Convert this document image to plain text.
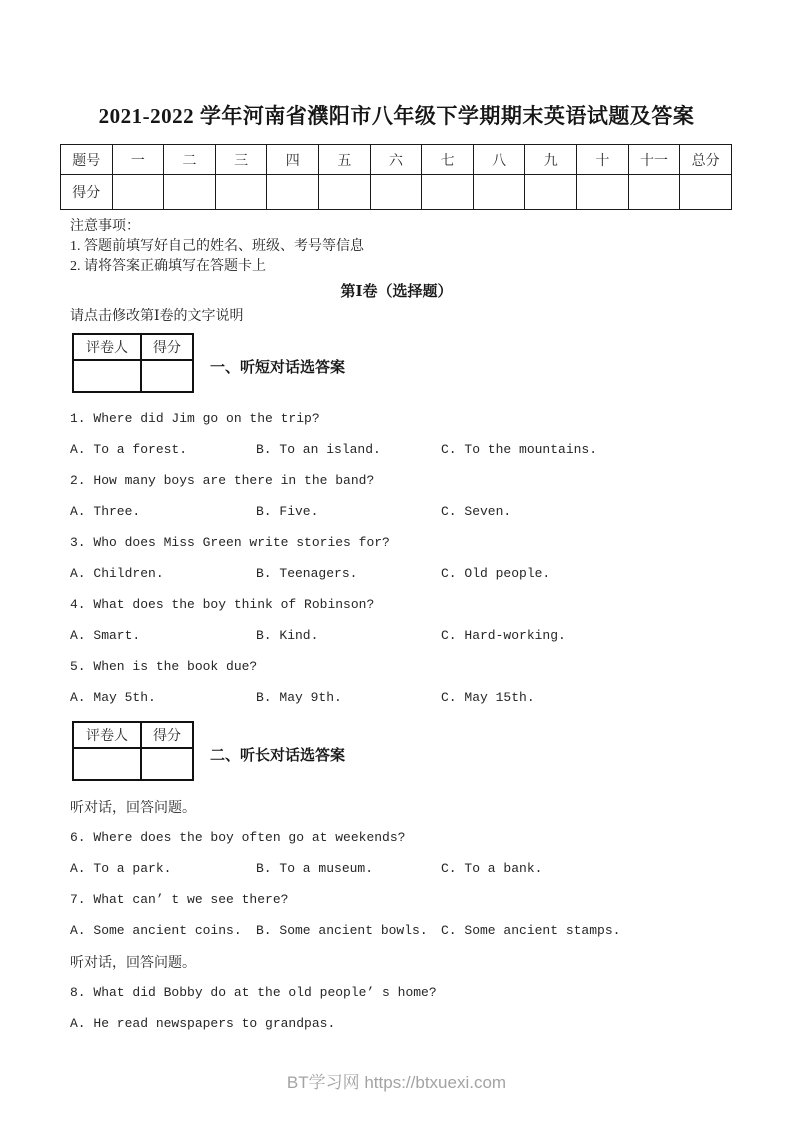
2021-2022 学年河南省濮阳市八年级下学期期末英语试题及答案
题号	一	二	三	四	五	六	七	八	九	十	十一	总分
得分												
注意事项：
1. 答题前填写好自己的姓名、班级、考号等信息
2. 请将答案正确填写在答题卡上
第Ⅰ卷（选择题）
请点击修改第Ⅰ卷的文字说明
评卷人	得分

一、听短对话选答案
1. Where did Jim go on the trip?
A. To a forest.	B. To an island.	C. To the mountains.
2. How many boys are there in the band?
A. Three.	B. Five.	C. Seven.
3. Who does Miss Green write stories for?
A. Children.	B. Teenagers.	C. Old people.
4. What does the boy think of Robinson?
A. Smart.	B. Kind.	C. Hard-working.
5. When is the book due?
A. May 5th.	B. May 9th.	C. May 15th.
评卷人	得分

二、听长对话选答案
听对话，回答问题。
6. Where does the boy often go at weekends?
A. To a park.	B. To a museum.	C. To a bank.
7. What can’ t we see there?
A. Some ancient coins.	B. Some ancient bowls.	C. Some ancient stamps.
听对话，回答问题。
8. What did Bobby do at the old people’ s home?
A. He read newspapers to grandpas.
BT学习网 https://btxuexi.com
